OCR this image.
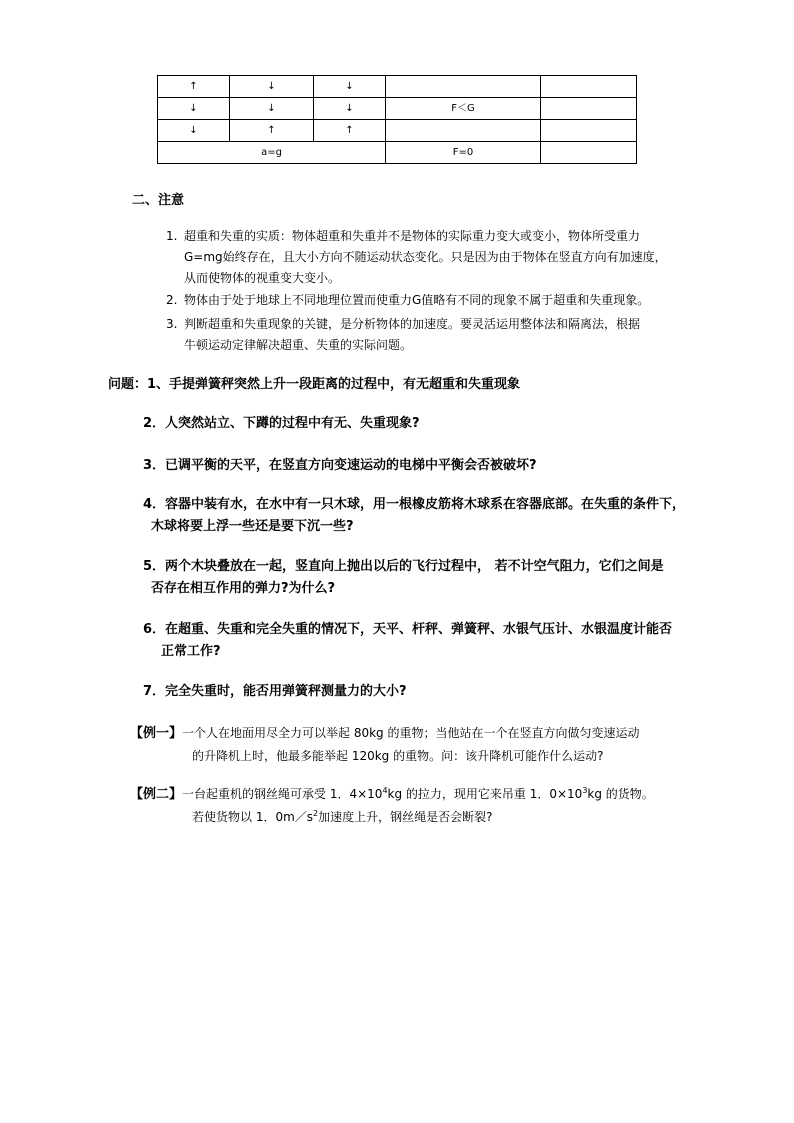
↑	↓	↓		
↓	↓	↓	F＜G	
↓	↑	↑		
a=g			F=0	
二、注意
1. 超重和失重的实质：物体超重和失重并不是物体的实际重力变大或变小，物体所受重力
G=mg始终存在，且大小方向不随运动状态变化。只是因为由于物体在竖直方向有加速度，
从而使物体的视重变大变小。
2. 物体由于处于地球上不同地理位置而使重力G值略有不同的现象不属于超重和失重现象。
3. 判断超重和失重现象的关键，是分析物体的加速度。要灵活运用整体法和隔离法，根据
牛顿运动定律解决超重、失重的实际问题。
问题：1、手提弹簧秤突然上升一段距离的过程中，有无超重和失重现象
2．人突然站立、下蹲的过程中有无、失重现象?
3．已调平衡的天平，在竖直方向变速运动的电梯中平衡会否被破坏?
4．容器中装有水，在水中有一只木球，用一根橡皮筋将木球系在容器底部。在失重的条件下，
木球将要上浮一些还是要下沉一些?
5．两个木块叠放在一起，竖直向上抛出以后的飞行过程中， 若不计空气阻力，它们之间是
否存在相互作用的弹力?为什么?
6．在超重、失重和完全失重的情况下，天平、杆秤、弹簧秤、水银气压计、水银温度计能否
正常工作?
7．完全失重时，能否用弹簧秤测量力的大小?
【例一】一个人在地面用尽全力可以举起 80kg 的重物；当他站在一个在竖直方向做匀变速运动
的升降机上时，他最多能举起 120kg 的重物。问：该升降机可能作什么运动?
【例二】一台起重机的钢丝绳可承受 1．$4\times 10^4kg$ 的拉力，现用它来吊重 1．$0\times 10^3kg$ 的货物。
若使货物以 1．$0m/s^2$加速度上升，钢丝绳是否会断裂?
